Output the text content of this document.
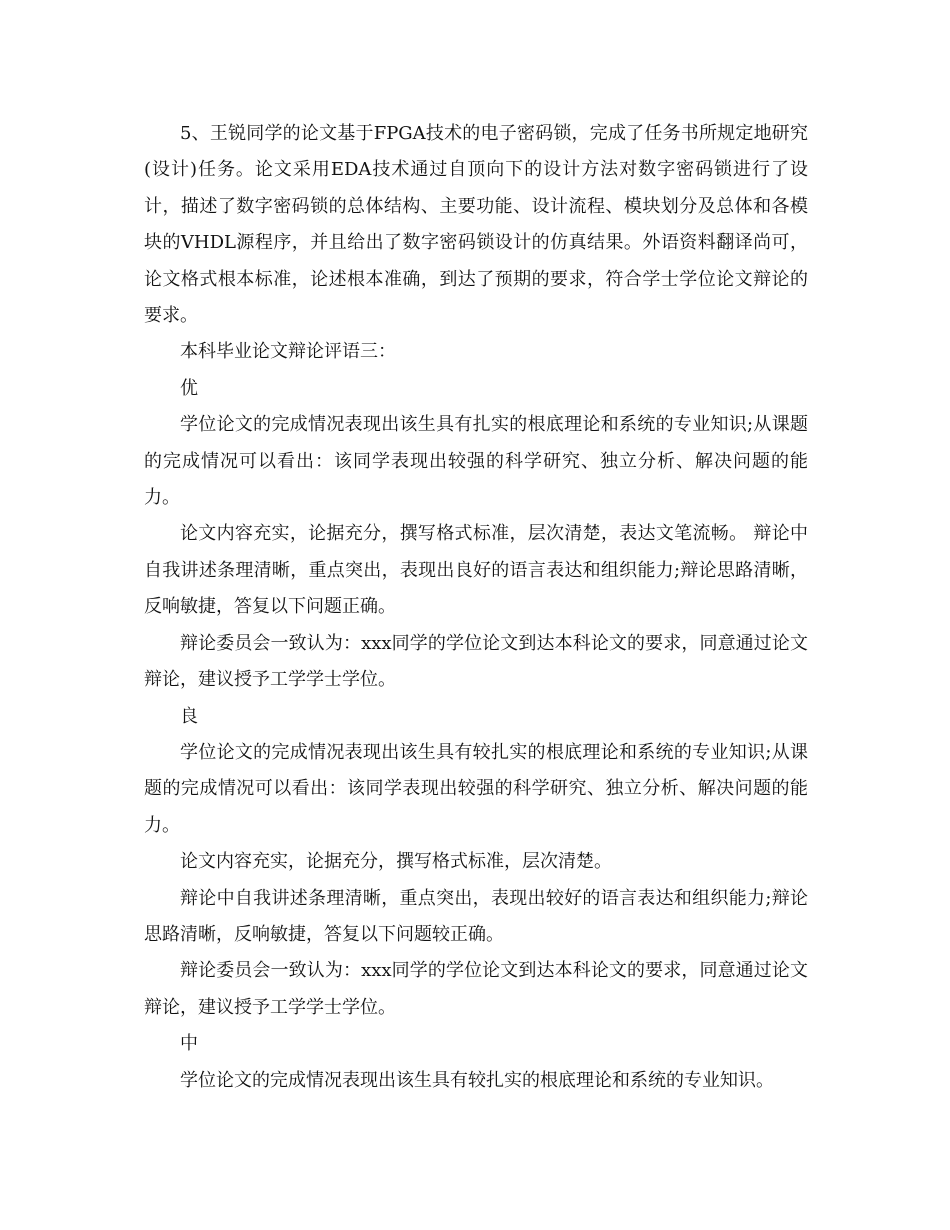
5、王锐同学的论文基于FPGA技术的电子密码锁，完成了任务书所规定地研究(设计)任务。论文采用EDA技术通过自顶向下的设计方法对数字密码锁进行了设计，描述了数字密码锁的总体结构、主要功能、设计流程、模块划分及总体和各模块的VHDL源程序，并且给出了数字密码锁设计的仿真结果。外语资料翻译尚可，论文格式根本标准，论述根本准确，到达了预期的要求，符合学士学位论文辩论的要求。

本科毕业论文辩论评语三：

优

学位论文的完成情况表现出该生具有扎实的根底理论和系统的专业知识;从课题的完成情况可以看出：该同学表现出较强的科学研究、独立分析、解决问题的能力。

论文内容充实，论据充分，撰写格式标准，层次清楚，表达文笔流畅。 辩论中自我讲述条理清晰，重点突出，表现出良好的语言表达和组织能力;辩论思路清晰，反响敏捷，答复以下问题正确。

辩论委员会一致认为：xxx同学的学位论文到达本科论文的要求，同意通过论文辩论，建议授予工学学士学位。

良

学位论文的完成情况表现出该生具有较扎实的根底理论和系统的专业知识;从课题的完成情况可以看出：该同学表现出较强的科学研究、独立分析、解决问题的能力。

论文内容充实，论据充分，撰写格式标准，层次清楚。

辩论中自我讲述条理清晰，重点突出，表现出较好的语言表达和组织能力;辩论思路清晰，反响敏捷，答复以下问题较正确。

辩论委员会一致认为：xxx同学的学位论文到达本科论文的要求，同意通过论文辩论，建议授予工学学士学位。

中

学位论文的完成情况表现出该生具有较扎实的根底理论和系统的专业知识。
